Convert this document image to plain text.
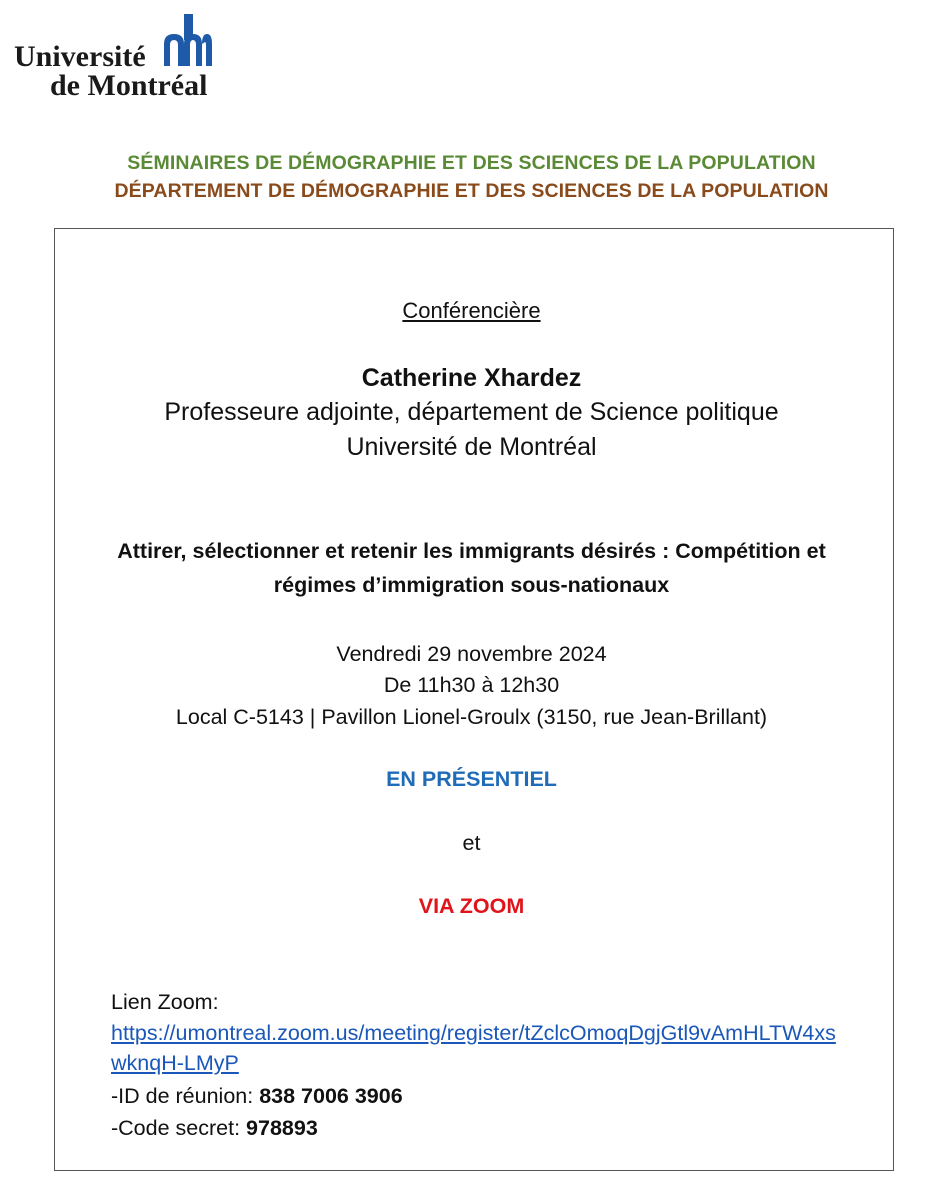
Université
de Montréal
SÉMINAIRES DE DÉMOGRAPHIE ET DES SCIENCES DE LA POPULATION
DÉPARTEMENT DE DÉMOGRAPHIE ET DES SCIENCES DE LA POPULATION
Conférencière
Catherine Xhardez
Professeure adjointe, département de Science politique
Université de Montréal
Attirer, sélectionner et retenir les immigrants désirés : Compétition et
régimes d’immigration sous-nationaux
Vendredi 29 novembre 2024
De 11h30 à 12h30
Local C-5143 | Pavillon Lionel-Groulx (3150, rue Jean-Brillant)
EN PRÉSENTIEL
et
VIA ZOOM
Lien Zoom:
https://umontreal.zoom.us/meeting/register/tZclcOmoqDgjGtl9vAmHLTW4xs
wknqH-LMyP
-ID de réunion: 838 7006 3906
-Code secret: 978893
